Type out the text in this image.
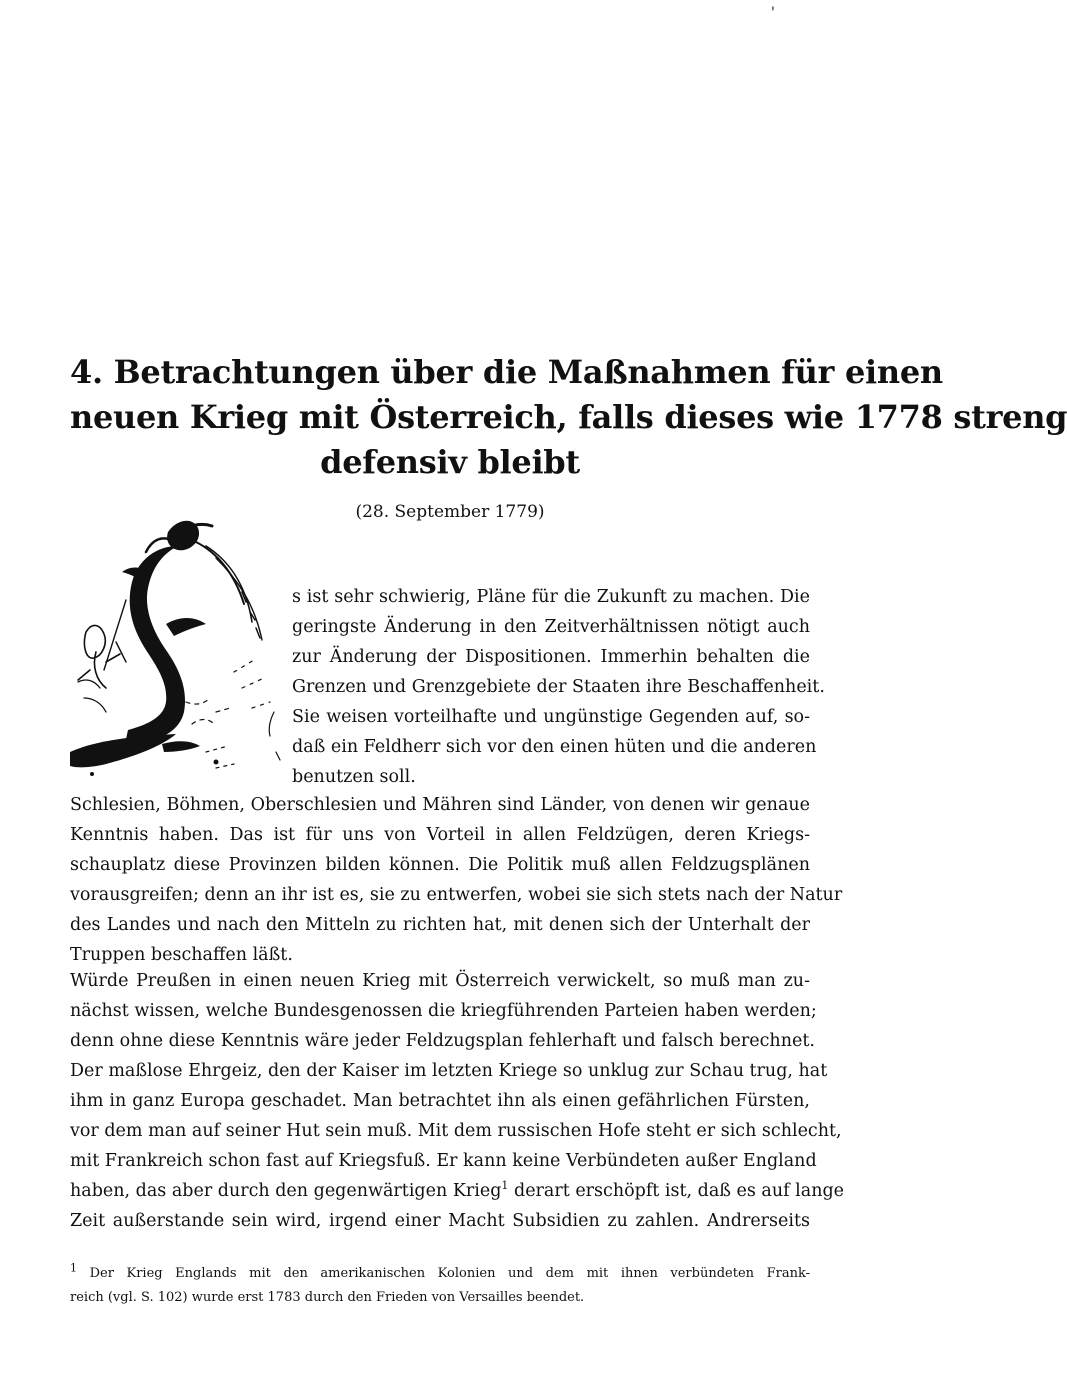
'
4. Betrachtungen über die Maßnahmen für einen
neuen Krieg mit Österreich, falls dieses wie 1778 streng
defensiv bleibt
(28. September 1779)
s ist sehr schwierig, Pläne für die Zukunft zu machen. Die
geringste Änderung in den Zeitverhältnissen nötigt auch
zur Änderung der Dispositionen. Immerhin behalten die
Grenzen und Grenzgebiete der Staaten ihre Beschaffenheit.
Sie weisen vorteilhafte und ungünstige Gegenden auf, so-
daß ein Feldherr sich vor den einen hüten und die anderen
benutzen soll.
Schlesien, Böhmen, Oberschlesien und Mähren sind Länder, von denen wir genaue
Kenntnis haben. Das ist für uns von Vorteil in allen Feldzügen, deren Kriegs-
schauplatz diese Provinzen bilden können. Die Politik muß allen Feldzugsplänen
vorausgreifen; denn an ihr ist es, sie zu entwerfen, wobei sie sich stets nach der Natur
des Landes und nach den Mitteln zu richten hat, mit denen sich der Unterhalt der
Truppen beschaffen läßt.
Würde Preußen in einen neuen Krieg mit Österreich verwickelt, so muß man zu-
nächst wissen, welche Bundesgenossen die kriegführenden Parteien haben werden;
denn ohne diese Kenntnis wäre jeder Feldzugsplan fehlerhaft und falsch berechnet.
Der maßlose Ehrgeiz, den der Kaiser im letzten Kriege so unklug zur Schau trug, hat
ihm in ganz Europa geschadet. Man betrachtet ihn als einen gefährlichen Fürsten,
vor dem man auf seiner Hut sein muß. Mit dem russischen Hofe steht er sich schlecht,
mit Frankreich schon fast auf Kriegsfuß. Er kann keine Verbündeten außer England
haben, das aber durch den gegenwärtigen Krieg$^1$ derart erschöpft ist, daß es auf lange
Zeit außerstande sein wird, irgend einer Macht Subsidien zu zahlen. Andrerseits
$^1$ Der Krieg Englands mit den amerikanischen Kolonien und dem mit ihnen verbündeten Frank-
reich (vgl. S. 102) wurde erst 1783 durch den Frieden von Versailles beendet.
